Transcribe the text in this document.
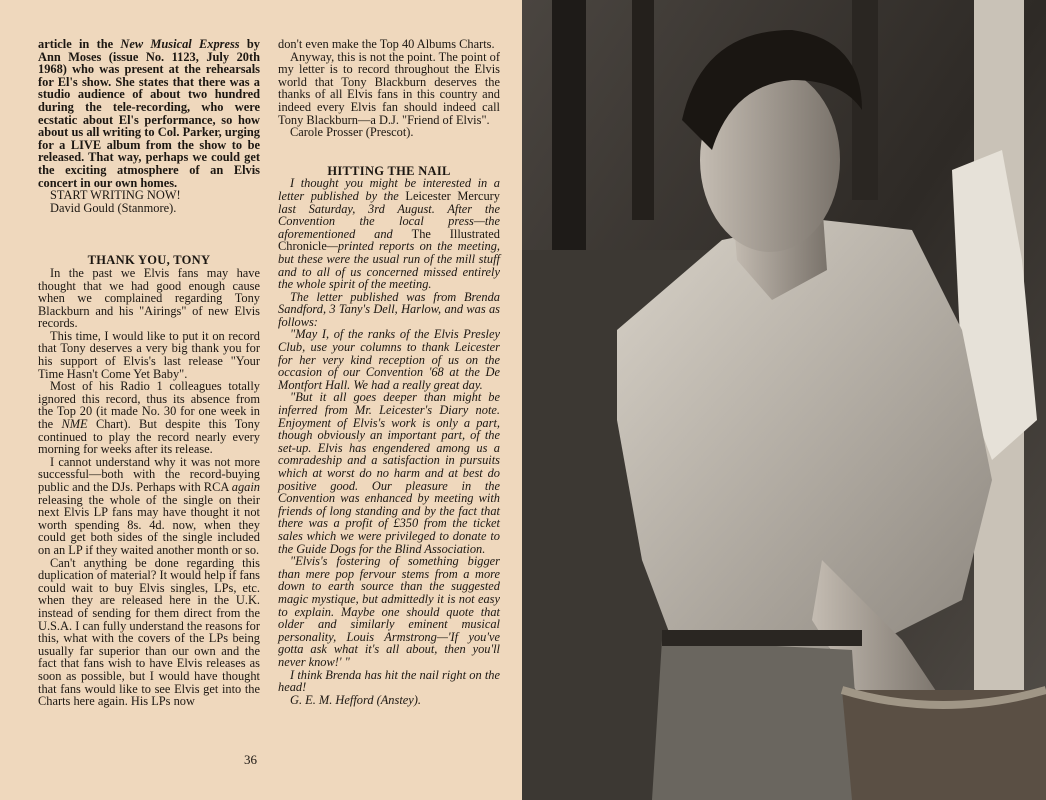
article in the New Musical Express by Ann Moses (issue No. 1123, July 20th 1968) who was present at the rehearsals for El's show. She states that there was a studio audience of about two hundred during the tele-recording, who were ecstatic about El's performance, so how about us all writing to Col. Parker, urging for a LIVE album from the show to be released. That way, perhaps we could get the exciting atmosphere of an Elvis concert in our own homes.

START WRITING NOW!

David Gould (Stanmore).

THANK YOU, TONY

In the past we Elvis fans may have thought that we had good enough cause when we complained regarding Tony Blackburn and his "Airings" of new Elvis records.

This time, I would like to put it on record that Tony deserves a very big thank you for his support of Elvis's last release "Your Time Hasn't Come Yet Baby".

Most of his Radio 1 colleagues totally ignored this record, thus its absence from the Top 20 (it made No. 30 for one week in the NME Chart). But despite this Tony continued to play the record nearly every morning for weeks after its release.

I cannot understand why it was not more successful—both with the record-buying public and the DJs. Perhaps with RCA again releasing the whole of the single on their next Elvis LP fans may have thought it not worth spending 8s. 4d. now, when they could get both sides of the single included on an LP if they waited another month or so.

Can't anything be done regarding this duplication of material? It would help if fans could wait to buy Elvis singles, LPs, etc. when they are released here in the U.K. instead of sending for them direct from the U.S.A. I can fully understand the reasons for this, what with the covers of the LPs being usually far superior than our own and the fact that fans wish to have Elvis releases as soon as possible, but I would have thought that fans would like to see Elvis get into the Charts here again. His LPs now

don't even make the Top 40 Albums Charts.

Anyway, this is not the point. The point of my letter is to record throughout the Elvis world that Tony Blackburn deserves the thanks of all Elvis fans in this country and indeed every Elvis fan should indeed call Tony Blackburn—a D.J. "Friend of Elvis".

Carole Prosser (Prescot).

HITTING THE NAIL

I thought you might be interested in a letter published by the Leicester Mercury last Saturday, 3rd August. After the Convention the local press—the aforementioned and The Illustrated Chronicle—printed reports on the meeting, but these were the usual run of the mill stuff and to all of us concerned missed entirely the whole spirit of the meeting.

The letter published was from Brenda Sandford, 3 Tany's Dell, Harlow, and was as follows:

"May I, of the ranks of the Elvis Presley Club, use your columns to thank Leicester for her very kind reception of us on the occasion of our Convention '68 at the De Montfort Hall. We had a really great day.

"But it all goes deeper than might be inferred from Mr. Leicester's Diary note. Enjoyment of Elvis's work is only a part, though obviously an important part, of the set-up. Elvis has engendered among us a comradeship and a satisfaction in pursuits which at worst do no harm and at best do positive good. Our pleasure in the Convention was enhanced by meeting with friends of long standing and by the fact that there was a profit of £350 from the ticket sales which we were privileged to donate to the Guide Dogs for the Blind Association.

"Elvis's fostering of something bigger than mere pop fervour stems from a more down to earth source than the suggested magic mystique, but admittedly it is not easy to explain. Maybe one should quote that older and similarly eminent musical personality, Louis Armstrong—'If you've gotta ask what it's all about, then you'll never know!' "

I think Brenda has hit the nail right on the head!

G. E. M. Hefford (Anstey).

36
